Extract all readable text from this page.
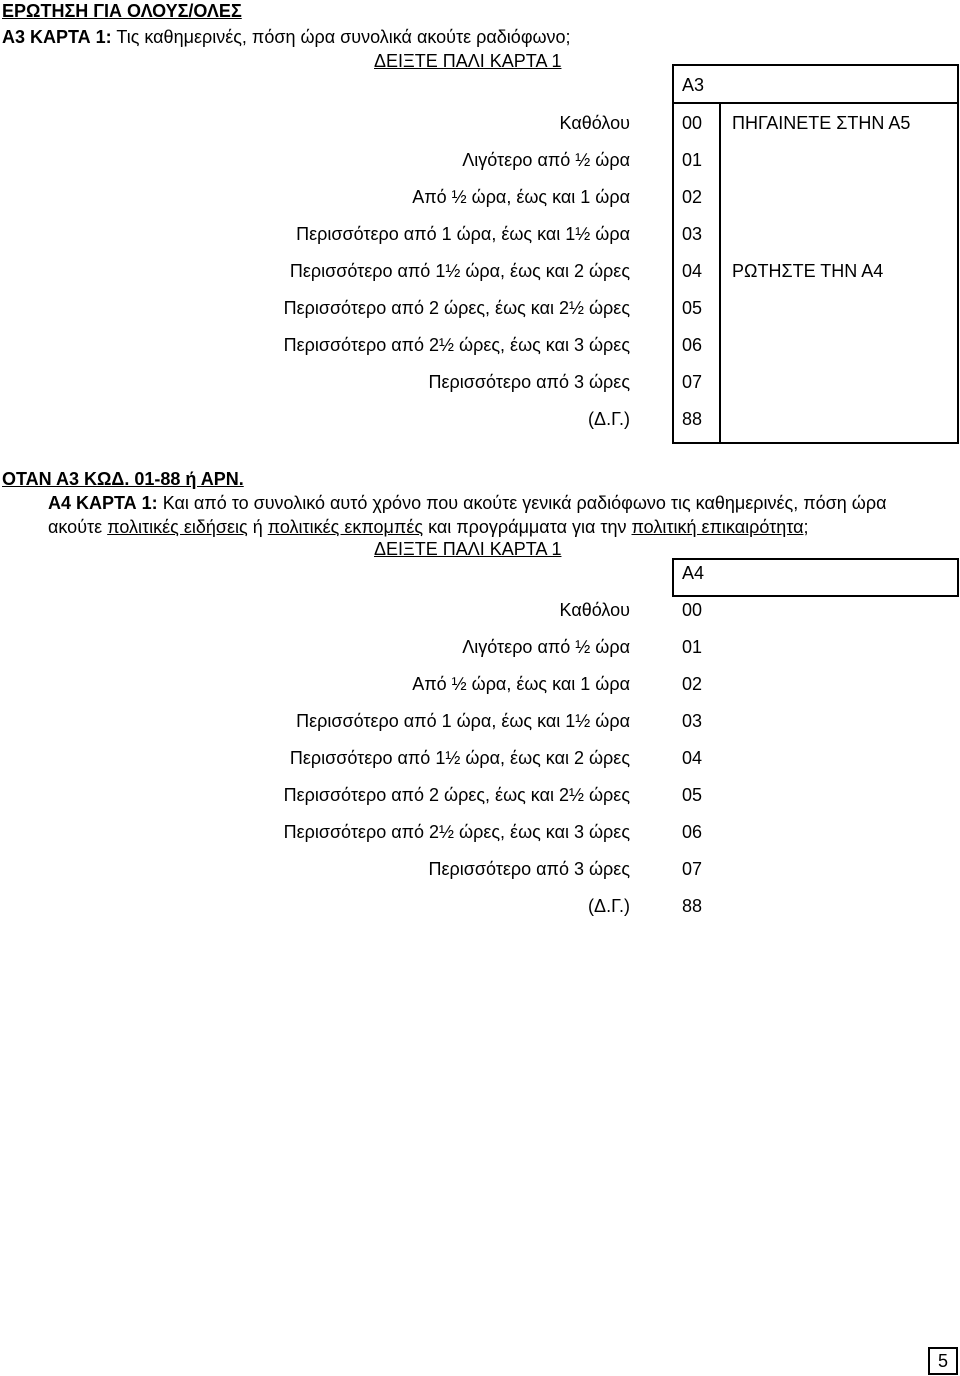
ΕΡΩΤΗΣΗ ΓΙΑ ΟΛΟΥΣ/ΟΛΕΣ
Α3 ΚΑΡΤΑ 1: Τις καθημερινές, πόση ώρα συνολικά ακούτε ραδιόφωνο;
ΔΕΙΞΤΕ ΠΑΛΙ ΚΑΡΤΑ 1
Α3
Καθόλου	00 ΠΗΓΑΙΝΕΤΕ ΣΤΗΝ Α5
Λιγότερο από ½ ώρα	01
Από ½ ώρα, έως και 1 ώρα	02
Περισσότερο από 1 ώρα, έως και 1½ ώρα	03
Περισσότερο από 1½ ώρα, έως και 2 ώρες	04 ΡΩΤΗΣΤΕ ΤΗΝ Α4
Περισσότερο από 2 ώρες, έως και 2½ ώρες	05
Περισσότερο από 2½ ώρες, έως και 3 ώρες	06
Περισσότερο από 3 ώρες	07
(Δ.Γ.)	88
ΟΤΑΝ Α3 ΚΩΔ. 01-88 ή ΑΡΝ.
Α4 ΚΑΡΤΑ 1: Και από το συνολικό αυτό χρόνο που ακούτε γενικά ραδιόφωνο τις καθημερινές, πόση ώρα
ακούτε πολιτικές ειδήσεις ή πολιτικές εκπομπές και προγράμματα για την πολιτική επικαιρότητα;
ΔΕΙΞΤΕ ΠΑΛΙ ΚΑΡΤΑ 1
Α4
Καθόλου	00
Λιγότερο από ½ ώρα	01
Από ½ ώρα, έως και 1 ώρα	02
Περισσότερο από 1 ώρα, έως και 1½ ώρα	03
Περισσότερο από 1½ ώρα, έως και 2 ώρες	04
Περισσότερο από 2 ώρες, έως και 2½ ώρες	05
Περισσότερο από 2½ ώρες, έως και 3 ώρες	06
Περισσότερο από 3 ώρες	07
(Δ.Γ.)	88
5
